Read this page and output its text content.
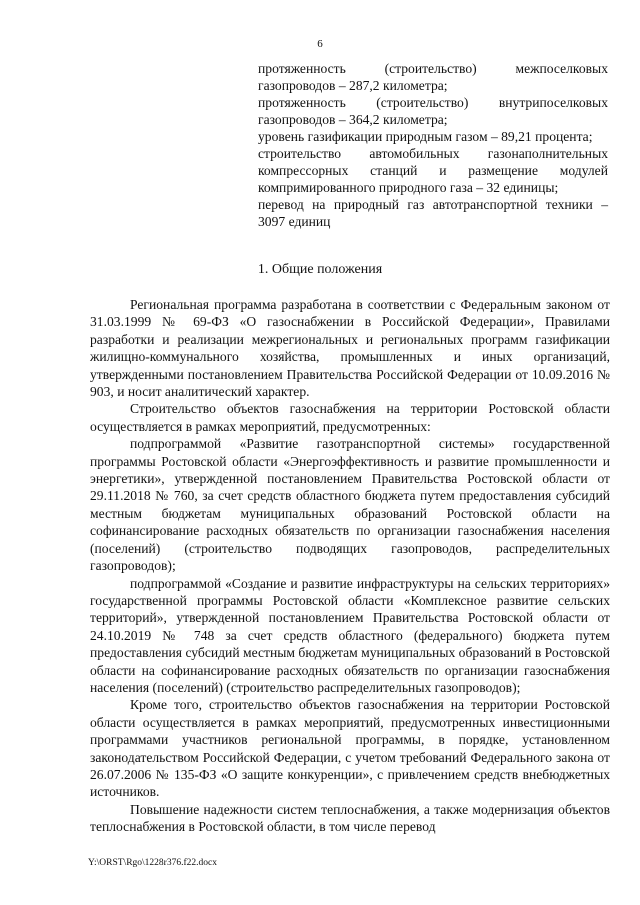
6

протяженность (строительство) межпоселковых газопроводов – 287,2 километра;

протяженность (строительство) внутрипоселковых газопроводов – 364,2 километра;

уровень газификации природным газом – 89,21 процента;

строительство автомобильных газонаполнительных компрессорных станций и размещение модулей компримированного природного газа – 32 единицы;

перевод на природный газ автотранспортной техники – 3097 единиц

1. Общие положения

Региональная программа разработана в соответствии с Федеральным законом от 31.03.1999 № 69-ФЗ «О газоснабжении в Российской Федерации», Правилами разработки и реализации межрегиональных и региональных программ газификации жилищно-коммунального хозяйства, промышленных и иных организаций, утвержденными постановлением Правительства Российской Федерации от 10.09.2016 № 903, и носит аналитический характер.

Строительство объектов газоснабжения на территории Ростовской области осуществляется в рамках мероприятий, предусмотренных:

подпрограммой «Развитие газотранспортной системы» государственной программы Ростовской области «Энергоэффективность и развитие промышленности и энергетики», утвержденной постановлением Правительства Ростовской области от 29.11.2018 № 760, за счет средств областного бюджета путем предоставления субсидий местным бюджетам муниципальных образований Ростовской области на софинансирование расходных обязательств по организации газоснабжения населения (поселений) (строительство подводящих газопроводов, распределительных газопроводов);

подпрограммой «Создание и развитие инфраструктуры на сельских территориях» государственной программы Ростовской области «Комплексное развитие сельских территорий», утвержденной постановлением Правительства Ростовской области от 24.10.2019 № 748 за счет средств областного (федерального) бюджета путем предоставления субсидий местным бюджетам муниципальных образований в Ростовской области на софинансирование расходных обязательств по организации газоснабжения населения (поселений) (строительство распределительных газопроводов);

Кроме того, строительство объектов газоснабжения на территории Ростовской области осуществляется в рамках мероприятий, предусмотренных инвестиционными программами участников региональной программы, в порядке, установленном законодательством Российской Федерации, с учетом требований Федерального закона от 26.07.2006 № 135-ФЗ «О защите конкуренции», с привлечением средств внебюджетных источников.

Повышение надежности систем теплоснабжения, а также модернизация объектов теплоснабжения в Ростовской области, в том числе перевод

Y:\ORST\Rgo\1228r376.f22.docx
